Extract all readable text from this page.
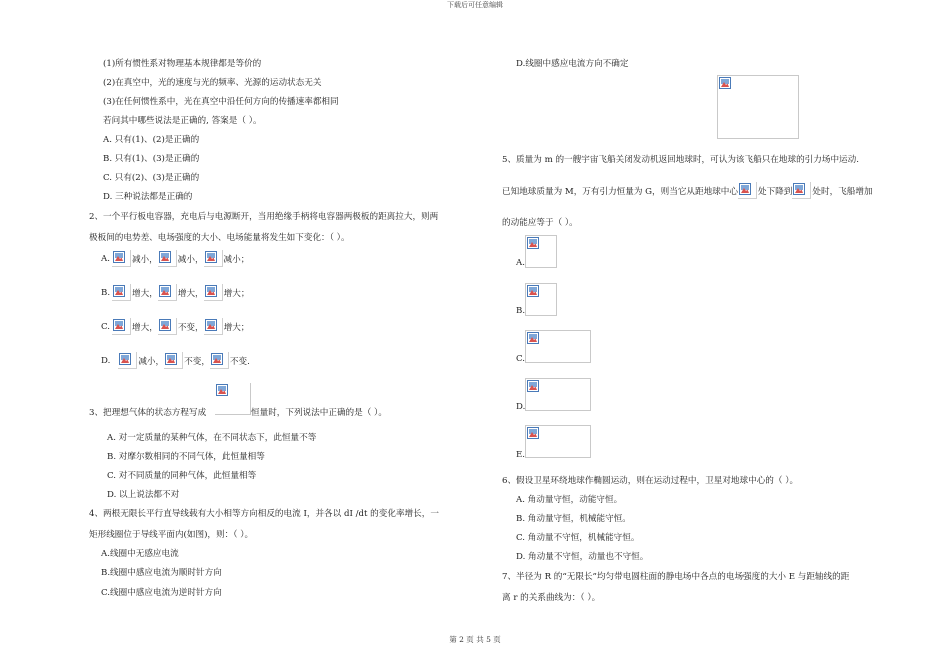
下载后可任意编辑
第 2 页 共 5 页
(1)所有惯性系对物理基本规律都是等价的
(2)在真空中，光的速度与光的频率、光源的运动状态无关
(3)在任何惯性系中，光在真空中沿任何方向的传播速率都相同
若问其中哪些说法是正确的, 答案是（ ）。
A. 只有(1)、(2)是正确的
B. 只有(1)、(3)是正确的
C. 只有(2)、(3)是正确的
D. 三种说法都是正确的
2、一个平行板电容器，充电后与电源断开，当用绝缘手柄将电容器两极板的距离拉大，则两
极板间的电势差、电场强度的大小、电场能量将发生如下变化：（ ）。
A.	减小， 减小， 减小；
B.	增大， 增大， 增大；
C.	增大， 不变， 增大；
D.	减小， 不变， 不变.
3、把理想气体的状态方程写成	恒量时，下列说法中正确的是（ ）。
A. 对一定质量的某种气体，在不同状态下，此恒量不等
B. 对摩尔数相同的不同气体，此恒量相等
C. 对不同质量的同种气体，此恒量相等
D. 以上说法都不对
4、两根无限长平行直导线载有大小相等方向相反的电流 I，并各以 dI /dt 的变化率增长，一
矩形线圈位于导线平面内(如图)，则：（ ）。
A.线圈中无感应电流
B.线圈中感应电流为顺时针方向
C.线圈中感应电流为逆时针方向
D.线圈中感应电流方向不确定
5、质量为 m 的一艘宇宙飞船关闭发动机返回地球时，可认为该飞船只在地球的引力场中运动.
已知地球质量为 M，万有引力恒量为 G，则当它从距地球中心 处下降到 处时，飞船增加
的动能应等于（ ）。
A.
B.
C.
D.
E.
6、假设卫星环绕地球作椭圆运动，则在运动过程中，卫星对地球中心的（ ）。
A. 角动量守恒，动能守恒。
B. 角动量守恒，机械能守恒。
C. 角动量不守恒，机械能守恒。
D. 角动量不守恒，动量也不守恒。
7、半径为 R 的“无限长”均匀带电圆柱面的静电场中各点的电场强度的大小 E 与距轴线的距
离 r 的关系曲线为：（ ）。
